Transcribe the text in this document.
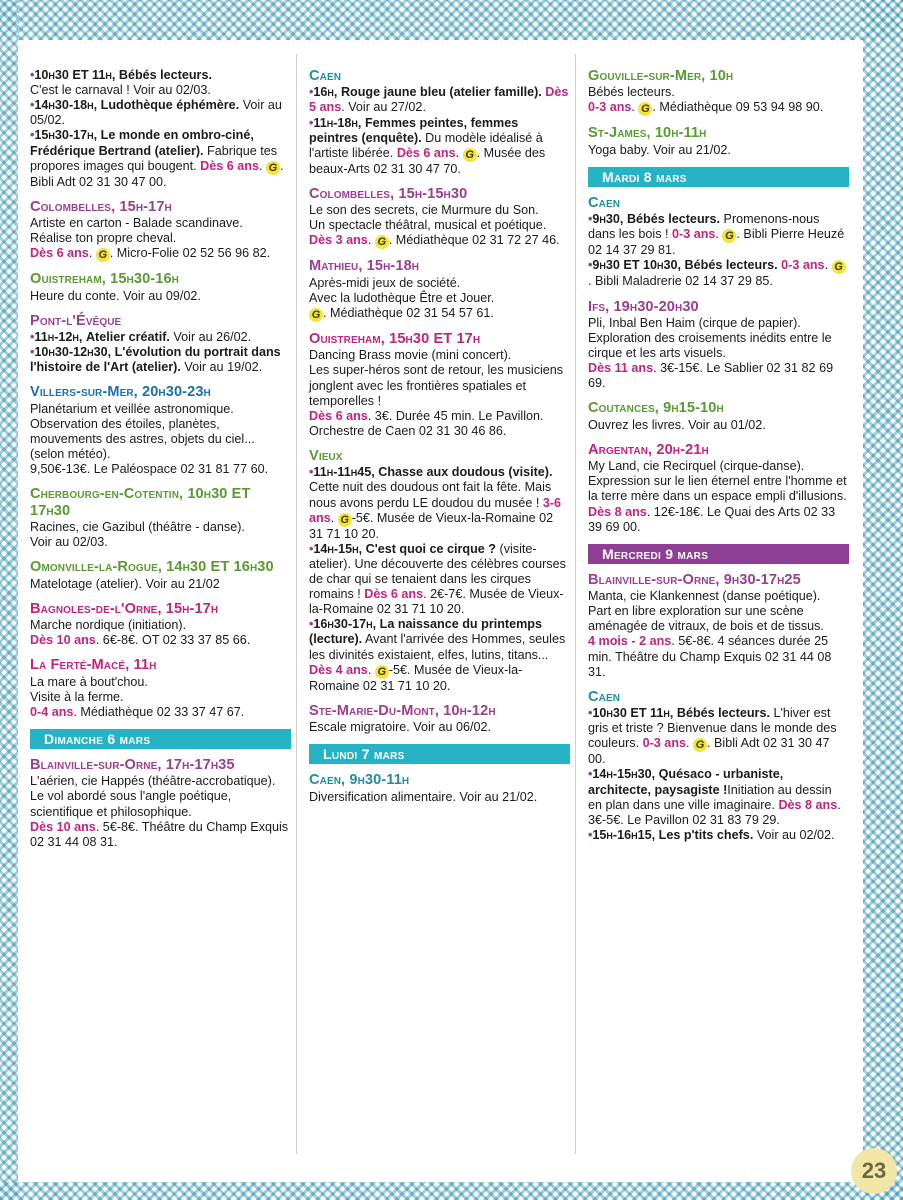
•10h30 ET 11h, Bébés lecteurs.
C'est le carnaval ! Voir au 02/03.
•14h30-18h, Ludothèque éphémère. Voir au 05/02.
•15h30-17h, Le monde en ombro-ciné, Frédérique Bertrand (atelier). Fabrique tes propores images qui bougent. Dès 6 ans. G . Bibli Adt 02 31 30 47 00.
Colombelles, 15h-17h
Artiste en carton - Balade scandinave.
Réalise ton propre cheval.
Dès 6 ans. G . Micro-Folie 02 52 56 96 82.
Ouistreham, 15h30-16h
Heure du conte. Voir au 09/02.
Pont-l'Évêque
•11h-12h, Atelier créatif. Voir au 26/02.
•10h30-12h30, L'évolution du portrait dans l'histoire de l'Art (atelier). Voir au 19/02.
Villers-sur-Mer, 20h30-23h
Planétarium et veillée astronomique.
Observation des étoiles, planètes, mouvements des astres, objets du ciel... (selon météo).
9,50€-13€. Le Paléospace 02 31 81 77 60.
Cherbourg-en-Cotentin, 10h30 ET 17h30
Racines, cie Gazibul (théâtre - danse).
Voir au 02/03.
Omonville-la-Rogue, 14h30 ET 16h30
Matelotage (atelier). Voir au 21/02
Bagnoles-de-l'Orne, 15h-17h
Marche nordique (initiation).
Dès 10 ans. 6€-8€. OT 02 33 37 85 66.
La Ferté-Macé, 11h
La mare à bout'chou.
Visite à la ferme.
0-4 ans. Médiathèque 02 33 37 47 67.
Dimanche 6 mars
Blainville-sur-Orne, 17h-17h35
L'aérien, cie Happés (théâtre-accrobatique).
Le vol abordé sous l'angle poétique, scientifique et philosophique.
Dès 10 ans. 5€-8€. Théâtre du Champ Exquis 02 31 44 08 31.
Caen
•16h, Rouge jaune bleu (atelier famille). Dès 5 ans. Voir au 27/02.
•11h-18h, Femmes peintes, femmes peintres (enquête). Du modèle idéalisé à l'artiste libérée. Dès 6 ans. G . Musée des beaux-Arts 02 31 30 47 70.
Colombelles, 15h-15h30
Le son des secrets, cie Murmure du Son.
Un spectacle théâtral, musical et poétique.
Dès 3 ans. G . Médiathèque 02 31 72 27 46.
Mathieu, 15h-18h
Après-midi jeux de société.
Avec la ludothèque Être et Jouer.
G . Médiathèque 02 31 54 57 61.
Ouistreham, 15h30 ET 17h
Dancing Brass movie (mini concert).
Les super-héros sont de retour, les musiciens jonglent avec les frontières spatiales et temporelles !
Dès 6 ans. 3€. Durée 45 min. Le Pavillon. Orchestre de Caen 02 31 30 46 86.
Vieux
•11h-11h45, Chasse aux doudous (visite). Cette nuit des doudous ont fait la fête. Mais nous avons perdu LE doudou du musée ! 3-6 ans. G -5€. Musée de Vieux-la-Romaine 02 31 71 10 20.
•14h-15h, C'est quoi ce cirque ? (visite-atelier). Une découverte des célèbres courses de char qui se tenaient dans les cirques romains ! Dès 6 ans. 2€-7€. Musée de Vieux-la-Romaine 02 31 71 10 20.
•16h30-17h, La naissance du printemps (lecture). Avant l'arrivée des Hommes, seules les divinités existaient, elfes, lutins, titans... Dès 4 ans. G -5€. Musée de Vieux-la-Romaine 02 31 71 10 20.
Ste-Marie-Du-Mont, 10h-12h
Escale migratoire. Voir au 06/02.
Lundi 7 mars
Caen, 9h30-11h
Diversification alimentaire. Voir au 21/02.
Gouville-sur-Mer, 10h
Bébés lecteurs.
0-3 ans. G . Médiathèque 09 53 94 98 90.
St-James, 10h-11h
Yoga baby. Voir au 21/02.
Mardi 8 mars
Caen
•9h30, Bébés lecteurs. Promenons-nous dans les bois ! 0-3 ans. G . Bibli Pierre Heuzé 02 14 37 29 81.
•9h30 ET 10h30, Bébés lecteurs. 0-3 ans. G. Bibli Maladrerie 02 14 37 29 85.
Ifs, 19h30-20h30
Pli, Inbal Ben Haim (cirque de papier).
Exploration des croisements inédits entre le cirque et les arts visuels.
Dès 11 ans. 3€-15€. Le Sablier 02 31 82 69 69.
Coutances, 9h15-10h
Ouvrez les livres. Voir au 01/02.
Argentan, 20h-21h
My Land, cie Recirquel (cirque-danse).
Expression sur le lien éternel entre l'homme et la terre mère dans un espace empli d'illusions.
Dès 8 ans. 12€-18€. Le Quai des Arts 02 33 39 69 00.
Mercredi 9 mars
Blainville-sur-Orne, 9h30-17h25
Manta, cie Klankennest (danse poétique).
Part en libre exploration sur une scène aménagée de vitraux, de bois et de tissus.
4 mois - 2 ans. 5€-8€. 4 séances durée 25 min. Théâtre du Champ Exquis 02 31 44 08 31.
Caen
•10h30 ET 11h, Bébés lecteurs. L'hiver est gris et triste ? Bienvenue dans le monde des couleurs. 0-3 ans. G . Bibli Adt 02 31 30 47 00.
•14h-15h30, Quésaco - urbaniste, architecte, paysagiste !Initiation au dessin en plan dans une ville imaginaire. Dès 8 ans. 3€-5€. Le Pavillon 02 31 83 79 29.
•15h-16h15, Les p'tits chefs. Voir au 02/02.
23
